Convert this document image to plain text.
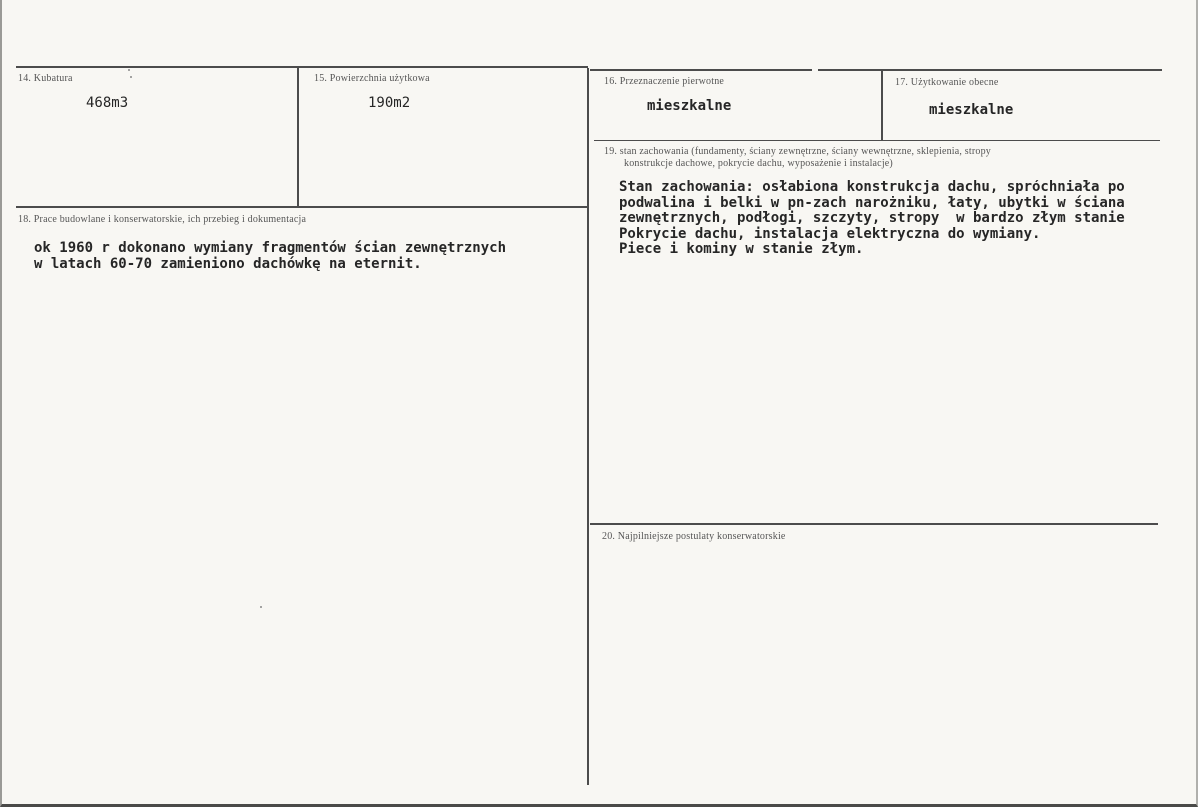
14. Kubatura
468m3
15. Powierzchnia użytkowa
190m2
16. Przeznaczenie pierwotne
mieszkalne
17. Użytkowanie obecne
mieszkalne
18. Prace budowlane i konserwatorskie, ich przebieg i dokumentacja
ok 1960 r dokonano wymiany fragmentów ścian zewnętrznych
w latach 60-70 zamieniono dachówkę na eternit.
19. stan zachowania (fundamenty, ściany zewnętrzne, ściany wewnętrzne, sklepienia, stropy
konstrukcje dachowe, pokrycie dachu, wyposażenie i instalacje)
Stan zachowania: osłabiona konstrukcja dachu, spróchniała po
podwalina i belki w pn-zach narożniku, łaty, ubytki w ściana
zewnętrznych, podłogi, szczyty, stropy  w bardzo złym stanie
Pokrycie dachu, instalacja elektryczna do wymiany.
Piece i kominy w stanie złym.
20. Najpilniejsze postulaty konserwatorskie
